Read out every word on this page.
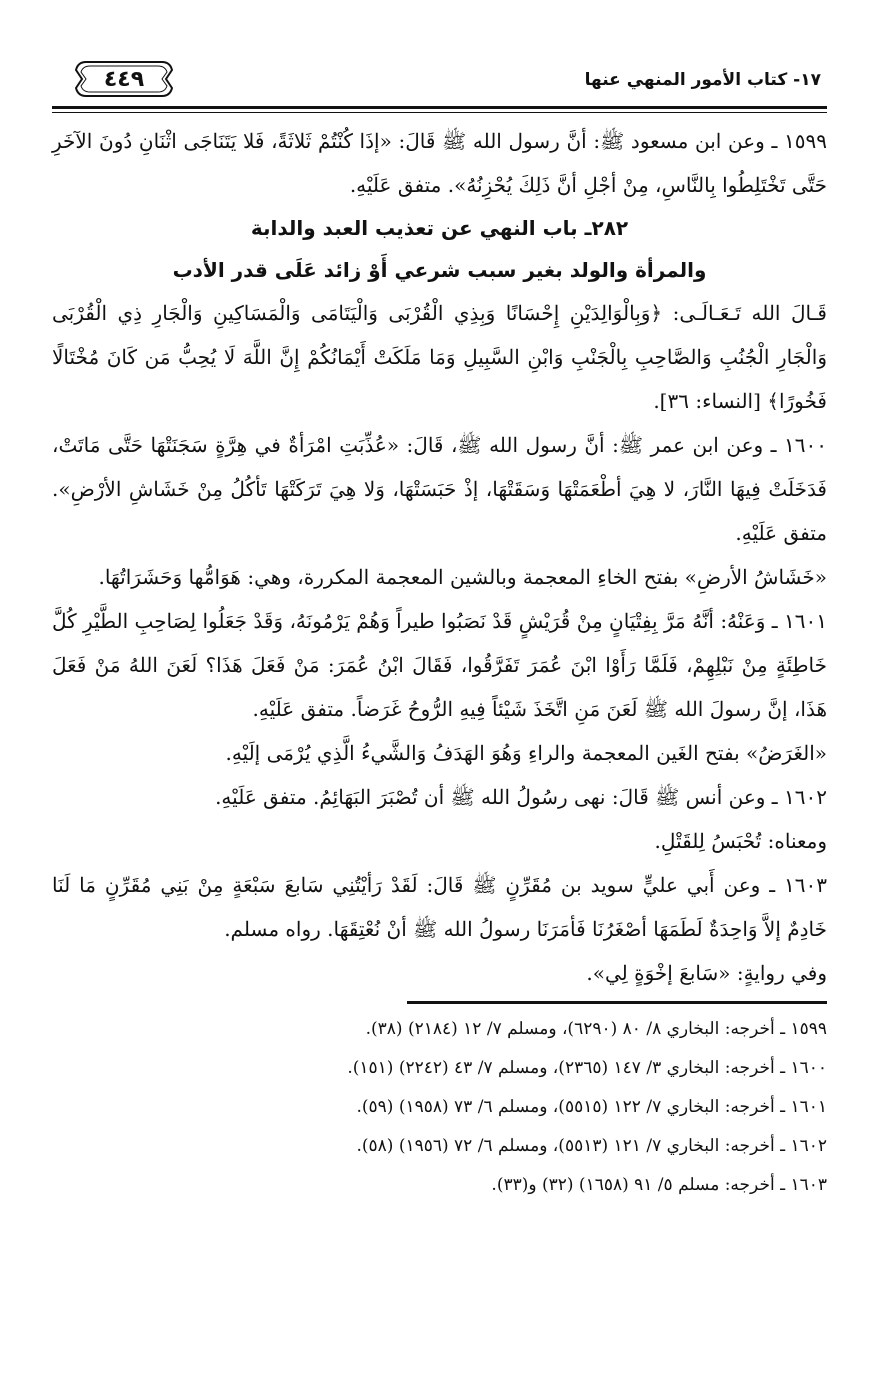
١٧- كتاب الأمور المنهي عنها
٤٤٩

١٥٩٩ ـ وعن ابن مسعود ﷺ: أنَّ رسول الله ﷺ قَالَ: «إذَا كُنْتُمْ ثَلاثَةً، فَلا يَتَنَاجَى اثْنَانِ دُونَ الآخَرِ حَتَّى تَخْتَلِطُوا بِالنَّاسِ، مِنْ أجْلِ أنَّ ذَلِكَ يُحْزِنُهُ». متفق عَلَيْهِ.

٢٨٢ـ باب النهي عن تعذيب العبد والدابة

والمرأة والولد بغير سبب شرعي أَوْ زائد عَلَى قدر الأدب

قَـالَ الله تَـعَـالَـى: ﴿وَبِالْوَالِدَيْنِ إِحْسَانًا وَبِذِي الْقُرْبَى وَالْيَتَامَى وَالْمَسَاكِينِ وَالْجَارِ ذِي الْقُرْبَى وَالْجَارِ الْجُنُبِ وَالصَّاحِبِ بِالْجَنْبِ وَابْنِ السَّبِيلِ وَمَا مَلَكَتْ أَيْمَانُكُمْ إِنَّ اللَّهَ لَا يُحِبُّ مَن كَانَ مُخْتَالًا فَخُورًا﴾ [النساء: ٣٦].

١٦٠٠ ـ وعن ابن عمر ﷺ: أنَّ رسول الله ﷺ، قَالَ: «عُذِّبَتِ امْرَأةٌ في هِرَّةٍ سَجَنَتْهَا حَتَّى مَاتَتْ، فَدَخَلَتْ فِيهَا النَّارَ، لا هِيَ أطْعَمَتْهَا وَسَقَتْهَا، إذْ حَبَسَتْهَا، وَلا هِيَ تَرَكَتْهَا تَأكُلُ مِنْ خَشَاشِ الأرْضِ». متفق عَلَيْهِ.

«خَشَاشُ الأرضِ» بفتح الخاءِ المعجمة وبالشين المعجمة المكررة، وهي: هَوَامُّها وَحَشَرَاتُهَا.

١٦٠١ ـ وَعَنْهُ: أنَّهُ مَرَّ بِفِتْيَانٍ مِنْ قُرَيْشٍ قَدْ نَصَبُوا طيراً وَهُمْ يَرْمُونَهُ، وَقَدْ جَعَلُوا لِصَاحِبِ الطَّيْرِ كُلَّ خَاطِئَةٍ مِنْ نَبْلِهِمْ، فَلَمَّا رَأَوْا ابْنَ عُمَرَ تَفَرَّقُوا، فَقَالَ ابْنُ عُمَرَ: مَنْ فَعَلَ هَذَا؟ لَعَنَ اللهُ مَنْ فَعَلَ هَذَا، إنَّ رسولَ الله ﷺ لَعَنَ مَنِ اتَّخَذَ شَيْئاً فِيهِ الرُّوحُ غَرَضاً. متفق عَلَيْهِ.

«الغَرَضُ» بفتح الغَين المعجمة والراءِ وَهُوَ الهَدَفُ وَالشَّيءُ الَّذِي يُرْمَى إلَيْهِ.

١٦٠٢ ـ وعن أنس ﷺ قَالَ: نهى رسُولُ الله ﷺ أن تُصْبَرَ البَهَائِمُ. متفق عَلَيْهِ.

ومعناه: تُحْبَسُ لِلقَتْلِ.

١٦٠٣ ـ وعن أَبي عليٍّ سويد بن مُقَرِّنٍ ﷺ قَالَ: لَقَدْ رَأيْتُنِي سَابعَ سَبْعَةٍ مِنْ بَنِي مُقَرِّنٍ مَا لَنَا خَادِمٌ إلاَّ وَاحِدَةٌ لَطَمَهَا أصْغَرُنَا فَأمَرَنَا رسولُ الله ﷺ أنْ نُعْتِقَهَا. رواه مسلم.

وفي روايةٍ: «سَابعَ إخْوَةٍ لِي».

١٥٩٩ ـ أخرجه: البخاري ٨/ ٨٠ (٦٢٩٠)، ومسلم ٧/ ١٢ (٢١٨٤) (٣٨).

١٦٠٠ ـ أخرجه: البخاري ٣/ ١٤٧ (٢٣٦٥)، ومسلم ٧/ ٤٣ (٢٢٤٢) (١٥١).

١٦٠١ ـ أخرجه: البخاري ٧/ ١٢٢ (٥٥١٥)، ومسلم ٦/ ٧٣ (١٩٥٨) (٥٩).

١٦٠٢ ـ أخرجه: البخاري ٧/ ١٢١ (٥٥١٣)، ومسلم ٦/ ٧٢ (١٩٥٦) (٥٨).

١٦٠٣ ـ أخرجه: مسلم ٥/ ٩١ (١٦٥٨) (٣٢) و(٣٣).
